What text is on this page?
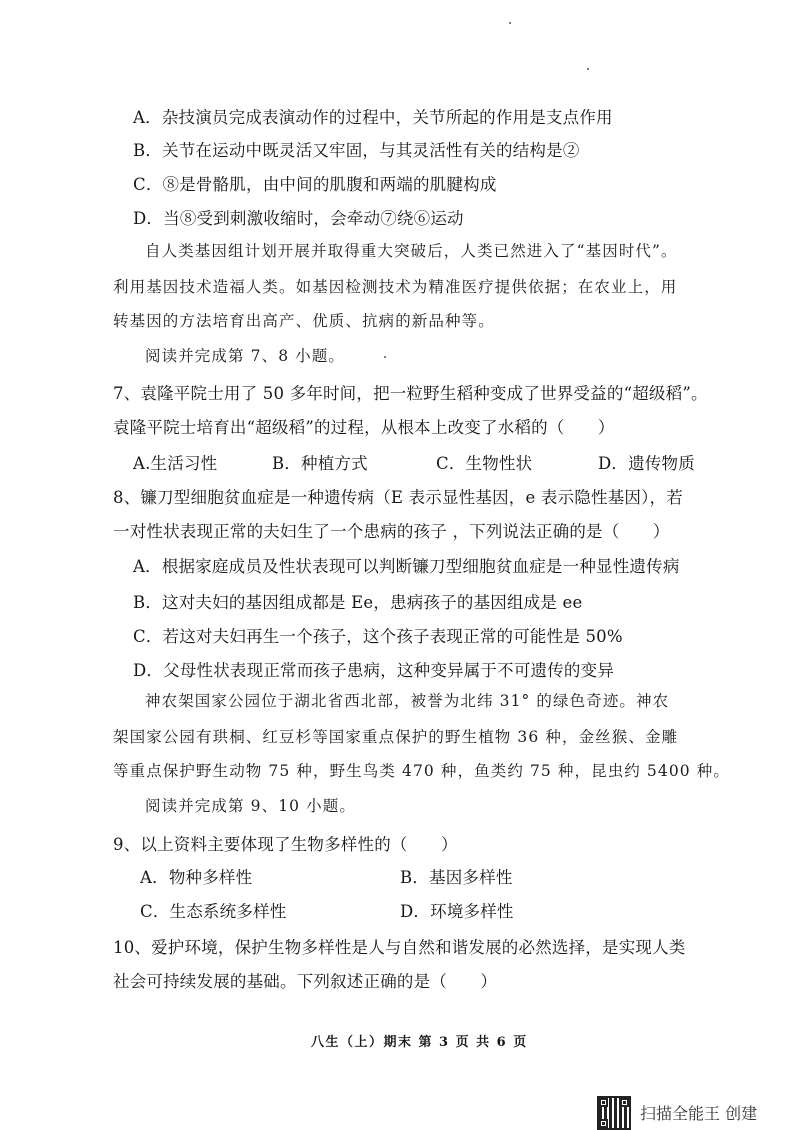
A．杂技演员完成表演动作的过程中，关节所起的作用是支点作用
B．关节在运动中既灵活又牢固，与其灵活性有关的结构是②
C．⑧是骨骼肌，由中间的肌腹和两端的肌腱构成
D．当⑧受到刺激收缩时，会牵动⑦绕⑥运动
自人类基因组计划开展并取得重大突破后，人类已然进入了“基因时代”。
利用基因技术造福人类。如基因检测技术为精准医疗提供依据；在农业上，用
转基因的方法培育出高产、优质、抗病的新品种等。
阅读并完成第 7、8 小题。
7、袁隆平院士用了 50 多年时间，把一粒野生稻种变成了世界受益的“超级稻”。
袁隆平院士培育出“超级稻”的过程，从根本上改变了水稻的（　　）
A.生活习性	B．种植方式	C．生物性状	D．遗传物质
8、镰刀型细胞贫血症是一种遗传病（E 表示显性基因，e 表示隐性基因），若
一对性状表现正常的夫妇生了一个患病的孩子 ，下列说法正确的是（　　）
A．根据家庭成员及性状表现可以判断镰刀型细胞贫血症是一种显性遗传病
B．这对夫妇的基因组成都是 Ee，患病孩子的基因组成是 ee
C．若这对夫妇再生一个孩子，这个孩子表现正常的可能性是 50%
D．父母性状表现正常而孩子患病，这种变异属于不可遗传的变异
神农架国家公园位于湖北省西北部，被誉为北纬 31° 的绿色奇迹。神农
架国家公园有珙桐、红豆杉等国家重点保护的野生植物 36 种，金丝猴、金雕
等重点保护野生动物 75 种，野生鸟类 470 种，鱼类约 75 种，昆虫约 5400 种。
阅读并完成第 9、10 小题。
9、以上资料主要体现了生物多样性的（　　）
A．物种多样性	B．基因多样性
C．生态系统多样性	D．环境多样性
10、爱护环境，保护生物多样性是人与自然和谐发展的必然选择，是实现人类
社会可持续发展的基础。下列叙述正确的是（　　）
八生（上）期末 第 3 页 共 6 页
扫描全能王 创建
